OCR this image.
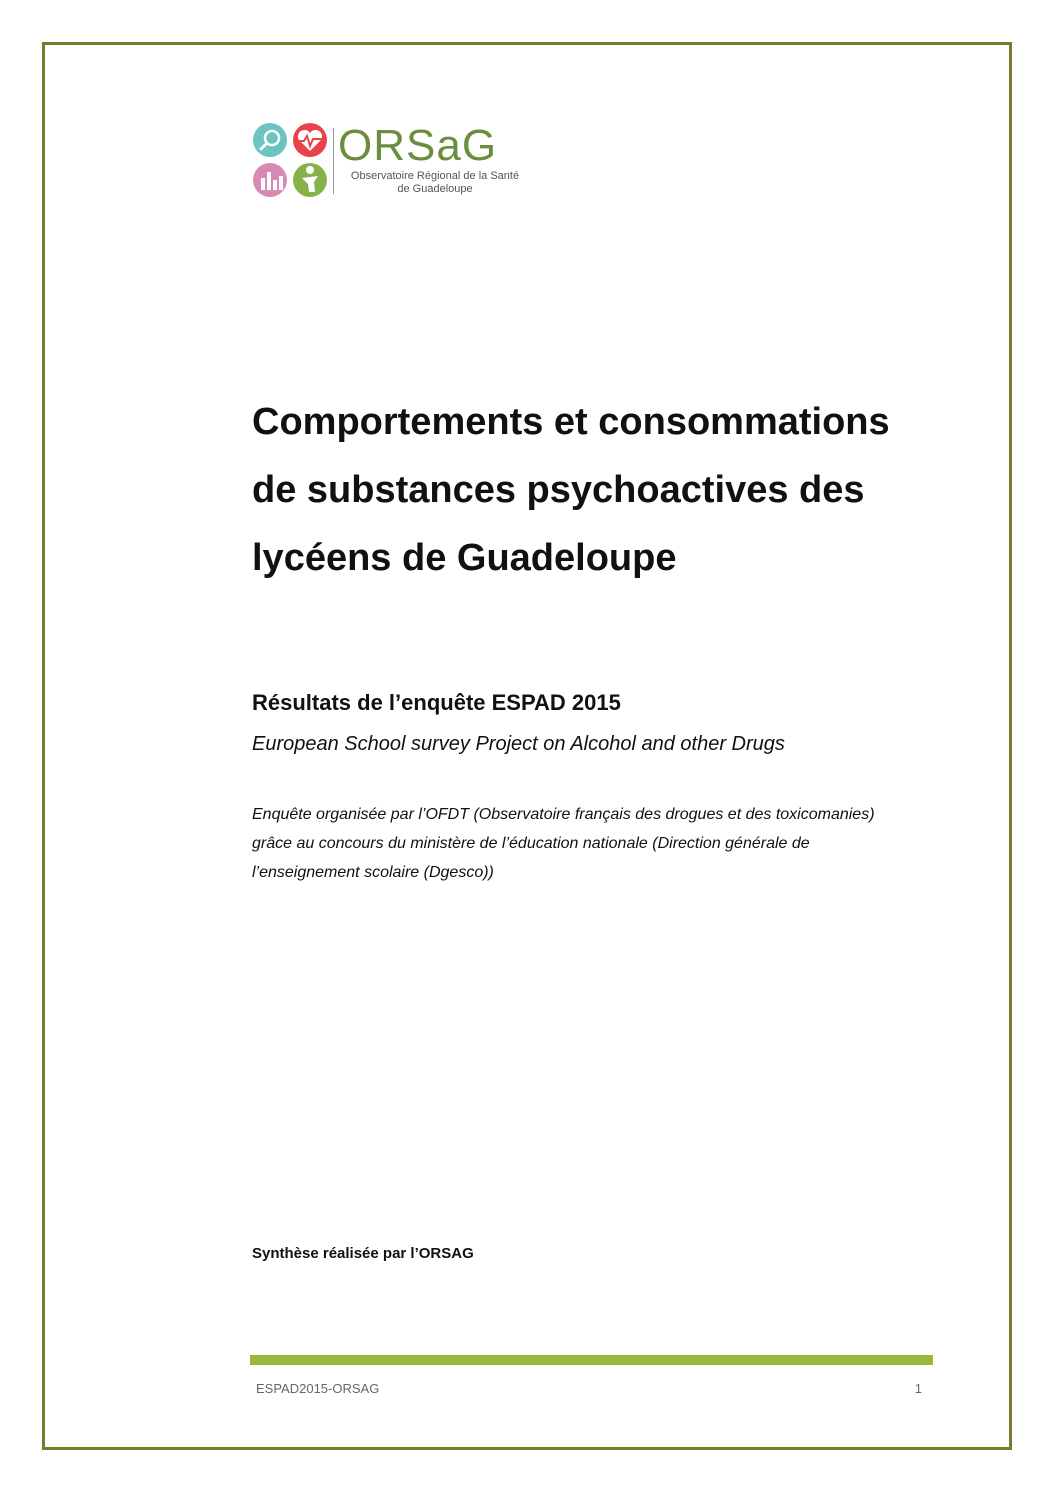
ORSaG
Observatoire Régional de la Santé
de Guadeloupe
Comportements et consommations
de substances psychoactives des
lycéens de Guadeloupe
Résultats de l’enquête ESPAD 2015
European School survey Project on Alcohol and other Drugs
Enquête organisée par l’OFDT (Observatoire français des drogues et des toxicomanies)
grâce au concours du ministère de l’éducation nationale (Direction générale de
l’enseignement scolaire (Dgesco))
Synthèse réalisée par l’ORSAG
ESPAD2015-ORSAG	1
